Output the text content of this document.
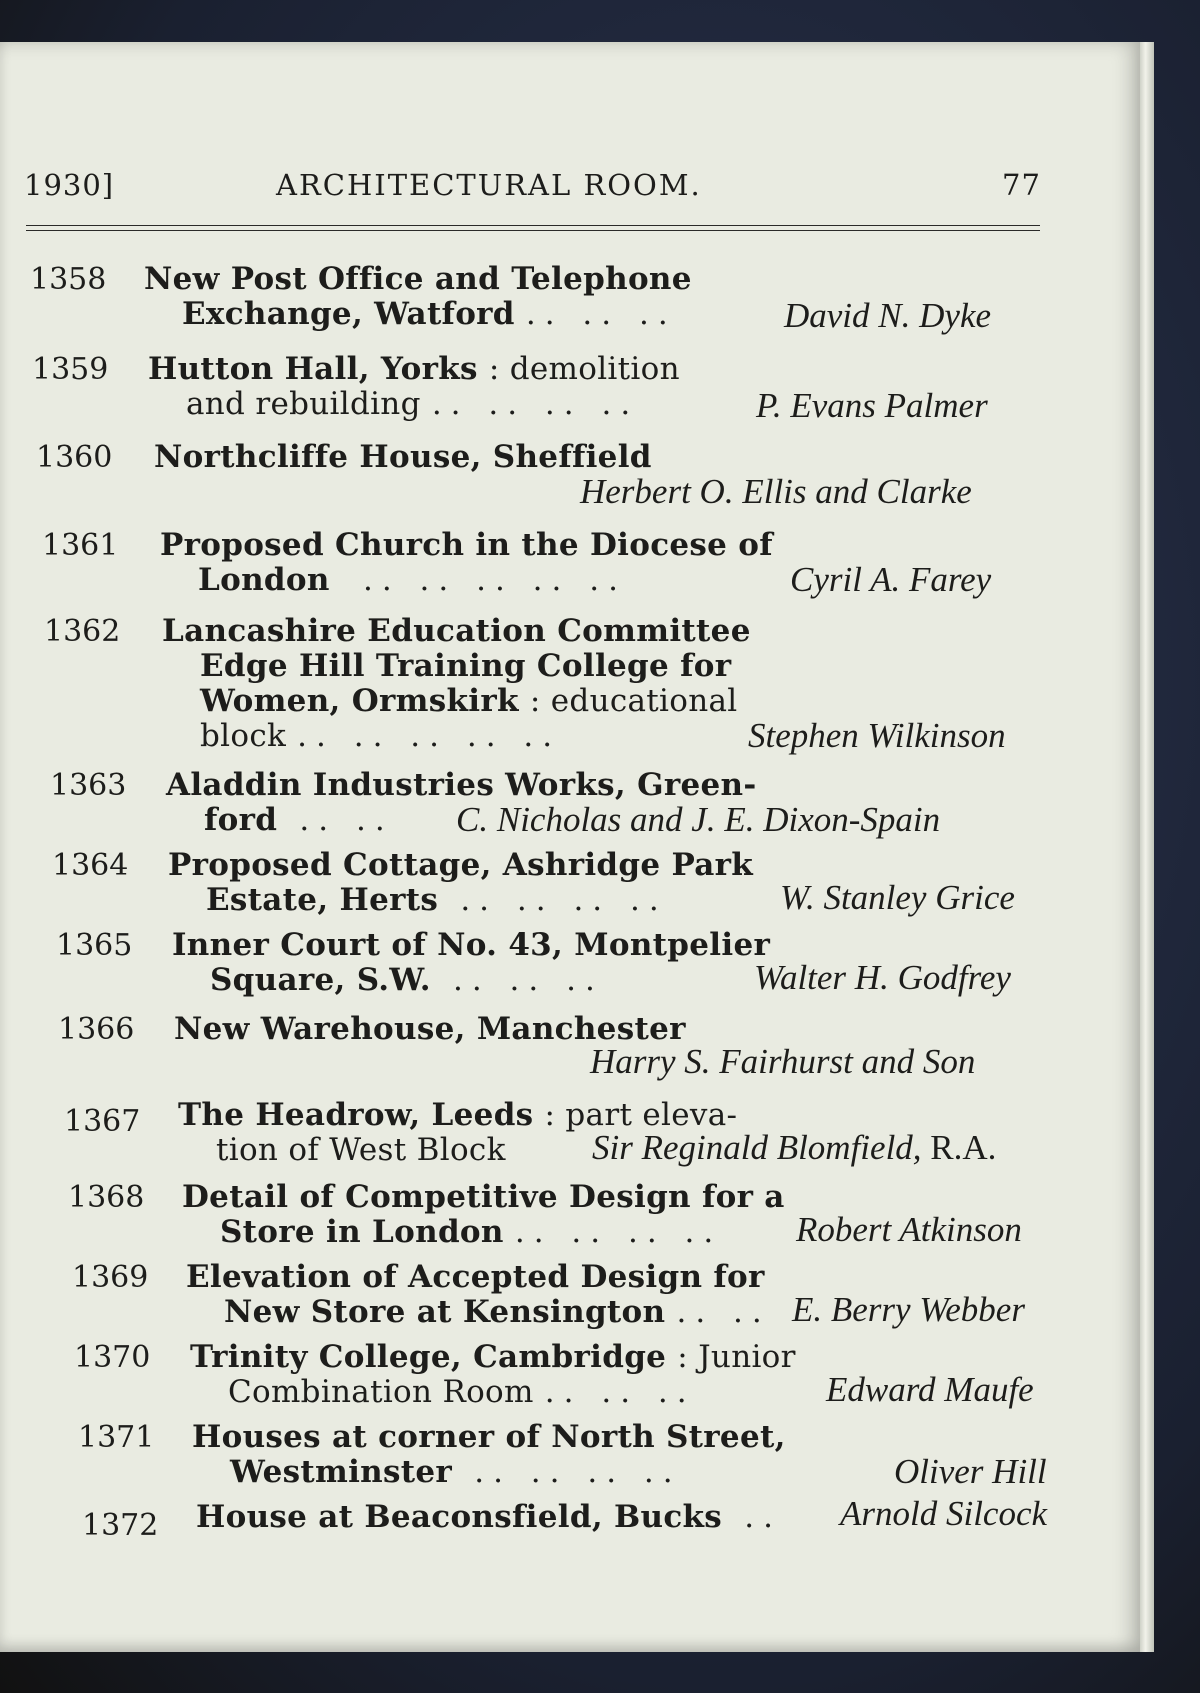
1930]	ARCHITECTURAL ROOM.	77
1358 New Post Office and Telephone
Exchange, Watford .. .. ..	David N. Dyke
1359 Hutton Hall, Yorks : demolition
and rebuilding .. .. .. ..	P. Evans Palmer
1360 Northcliffe House, Sheffield
Herbert O. Ellis and Clarke
1361 Proposed Church in the Diocese of
London .. .. .. .. ..	Cyril A. Farey
1362 Lancashire Education Committee
Edge Hill Training College for
Women, Ormskirk : educational
block .. .. .. .. ..	Stephen Wilkinson
1363 Aladdin Industries Works, Green-
ford .. ..	C. Nicholas and J. E. Dixon-Spain
1364 Proposed Cottage, Ashridge Park
Estate, Herts .. .. .. ..	W. Stanley Grice
1365 Inner Court of No. 43, Montpelier
Square, S.W. .. .. ..	Walter H. Godfrey
1366 New Warehouse, Manchester
Harry S. Fairhurst and Son
1367 The Headrow, Leeds : part eleva-
tion of West Block	Sir Reginald Blomfield, R.A.
1368 Detail of Competitive Design for a
Store in London .. .. .. ..	Robert Atkinson
1369 Elevation of Accepted Design for
New Store at Kensington .. .. E. Berry Webber
1370 Trinity College, Cambridge : Junior
Combination Room .. .. ..	Edward Maufe
1371 Houses at corner of North Street,
Westminster .. .. .. ..	Oliver Hill
1372 House at Beaconsfield, Bucks .. Arnold Silcock
